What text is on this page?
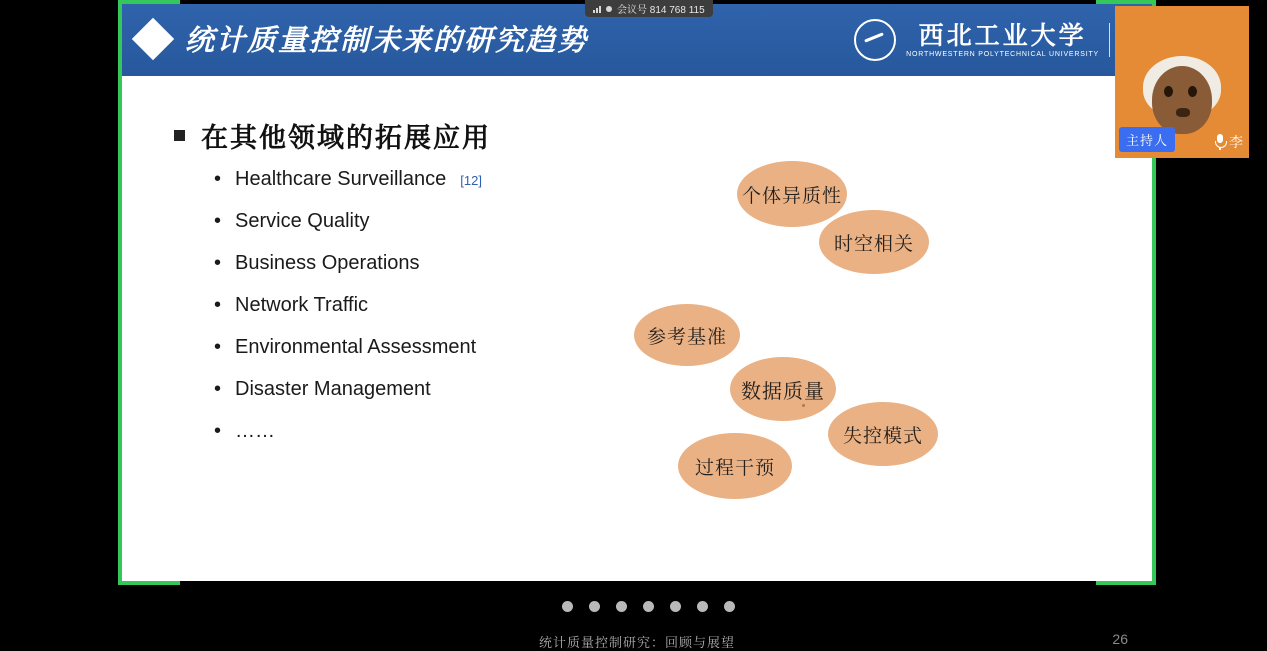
统计质量控制未来的研究趋势	西北工业大学
NORTHWESTERN POLYTECHNICAL UNIVERSITY
在其他领域的拓展应用
• Healthcare Surveillance [12]
• Service Quality
• Business Operations
• Network Traffic
• Environmental Assessment
• Disaster Management
• ……
个体异质性
参考基准
时空相关
数据质量
失控模式
过程干预
统计质量控制研究：回顾与展望	26
会议号 814 768 115
主持人	李
